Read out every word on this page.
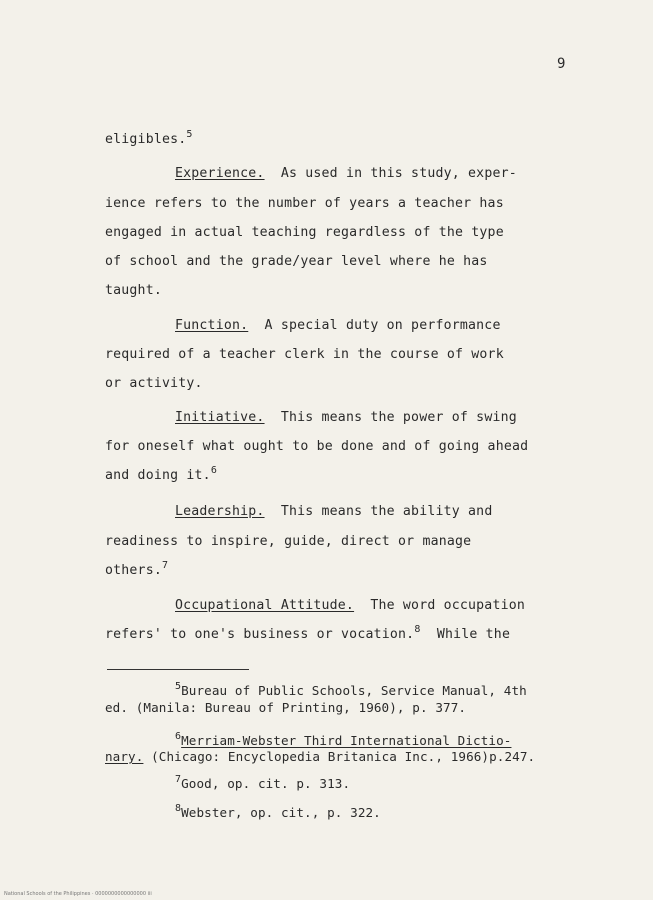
9
eligibles.$^5$
Experience.  As used in this study, exper-
ience refers to the number of years a teacher has
engaged in actual teaching regardless of the type
of school and the grade/year level where he has
taught.
Function.  A special duty on performance
required of a teacher clerk in the course of work
or activity.
Initiative.  This means the power of swing
for oneself what ought to be done and of going ahead
and doing it.$^6$
Leadership.  This means the ability and
readiness to inspire, guide, direct or manage
others.$^7$
Occupational Attitude.  The word occupation
refers' to one's business or vocation.$^8$  While the
$^5$Bureau of Public Schools, Service Manual, 4th
ed. (Manila: Bureau of Printing, 1960), p. 377.
$^6$Merriam-Webster Third International Dictio-
nary. (Chicago: Encyclopedia Britanica Inc., 1966)p.247.
$^7$Good, op. cit. p. 313.
$^8$Webster, op. cit., p. 322.
National Schools of the Philippines · 0000000000000000 iii
